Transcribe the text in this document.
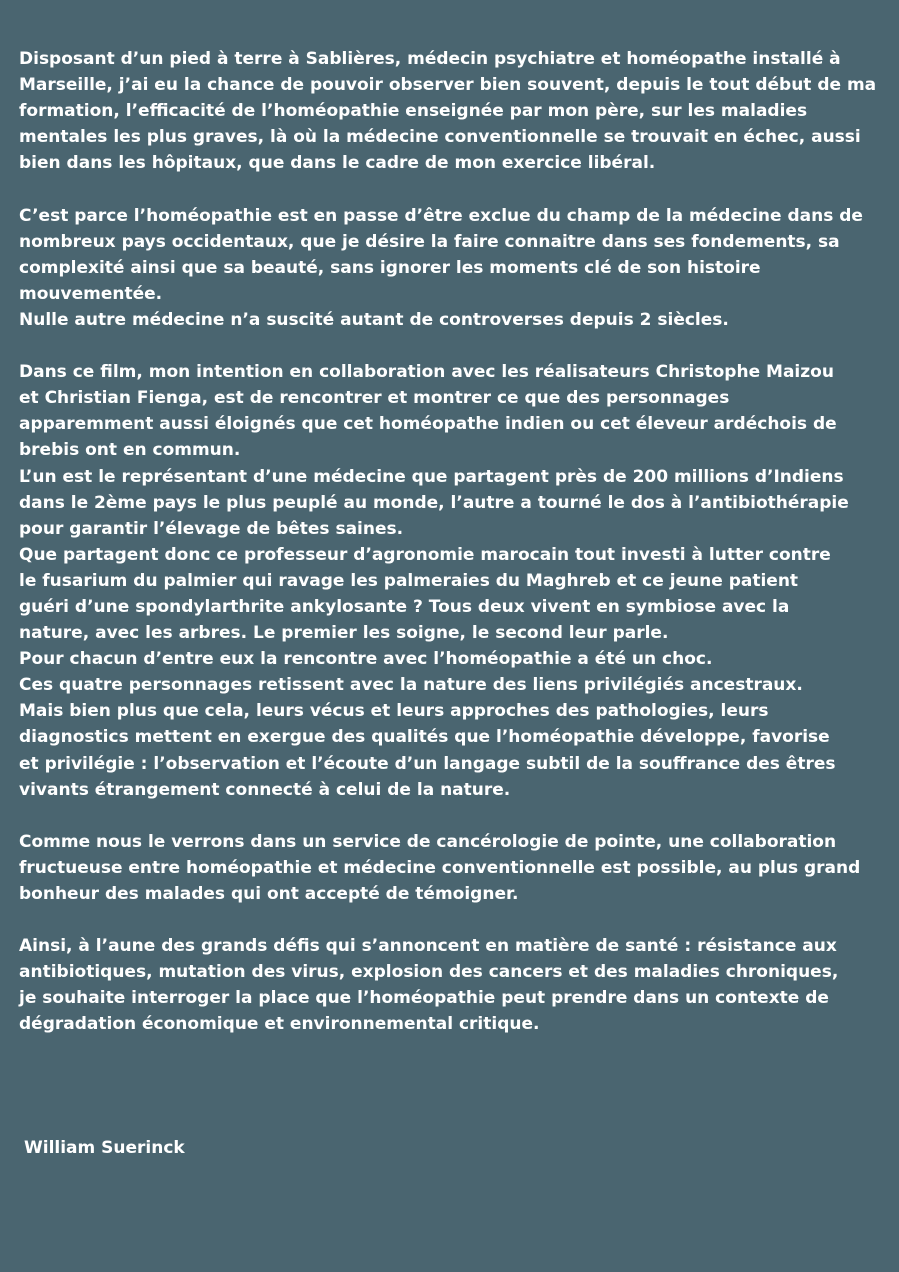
Disposant d’un pied à terre à Sablières, médecin psychiatre et homéopathe installé à
Marseille, j’ai eu la chance de pouvoir observer bien souvent, depuis le tout début de ma
formation, l’efficacité de l’homéopathie enseignée par mon père, sur les maladies
mentales les plus graves, là où la médecine conventionnelle se trouvait en échec, aussi
bien dans les hôpitaux, que dans le cadre de mon exercice libéral.
C’est parce l’homéopathie est en passe d’être exclue du champ de la médecine dans de
nombreux pays occidentaux, que je désire la faire connaitre dans ses fondements, sa
complexité ainsi que sa beauté, sans ignorer les moments clé de son histoire
mouvementée.
Nulle autre médecine n’a suscité autant de controverses depuis 2 siècles.
Dans ce film, mon intention en collaboration avec les réalisateurs Christophe Maizou
et Christian Fienga, est de rencontrer et montrer ce que des personnages
apparemment aussi éloignés que cet homéopathe indien ou cet éleveur ardéchois de
brebis ont en commun.
L’un est le représentant d’une médecine que partagent près de 200 millions d’Indiens
dans le 2ème pays le plus peuplé au monde, l’autre a tourné le dos à l’antibiothérapie
pour garantir l’élevage de bêtes saines.
Que partagent donc ce professeur d’agronomie marocain tout investi à lutter contre
le fusarium du palmier qui ravage les palmeraies du Maghreb et ce jeune patient
guéri d’une spondylarthrite ankylosante ? Tous deux vivent en symbiose avec la
nature, avec les arbres. Le premier les soigne, le second leur parle.
Pour chacun d’entre eux la rencontre avec l’homéopathie a été un choc.
Ces quatre personnages retissent avec la nature des liens privilégiés ancestraux.
Mais bien plus que cela, leurs vécus et leurs approches des pathologies, leurs
diagnostics mettent en exergue des qualités que l’homéopathie développe, favorise
et privilégie : l’observation et l’écoute d’un langage subtil de la souffrance des êtres
vivants étrangement connecté à celui de la nature.
Comme nous le verrons dans un service de cancérologie de pointe, une collaboration
fructueuse entre homéopathie et médecine conventionnelle est possible, au plus grand
bonheur des malades qui ont accepté de témoigner.
Ainsi, à l’aune des grands défis qui s’annoncent en matière de santé : résistance aux
antibiotiques, mutation des virus, explosion des cancers et des maladies chroniques,
je souhaite interroger la place que l’homéopathie peut prendre dans un contexte de
dégradation économique et environnemental critique.
William Suerinck
